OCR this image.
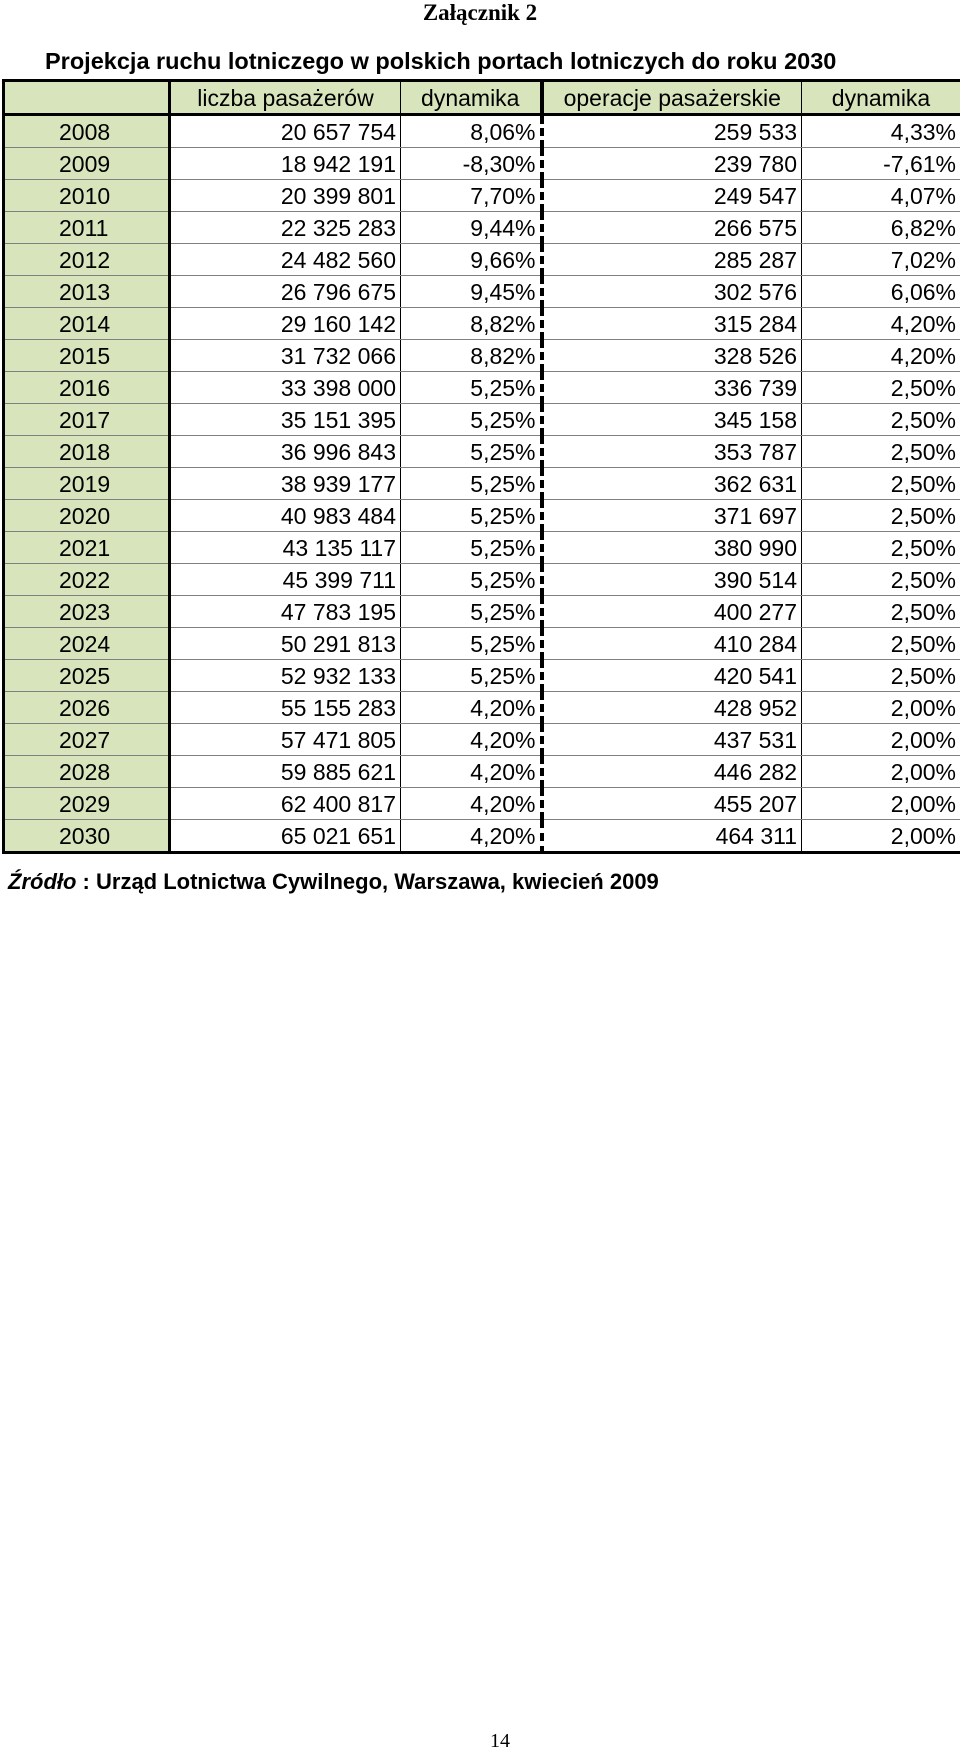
Załącznik 2
Projekcja ruchu lotniczego w polskich portach lotniczych do roku 2030
	liczba pasażerów	dynamika	operacje pasażerskie	dynamika
2008	20 657 754	8,06%	259 533	4,33%
2009	18 942 191	-8,30%	239 780	-7,61%
2010	20 399 801	7,70%	249 547	4,07%
2011	22 325 283	9,44%	266 575	6,82%
2012	24 482 560	9,66%	285 287	7,02%
2013	26 796 675	9,45%	302 576	6,06%
2014	29 160 142	8,82%	315 284	4,20%
2015	31 732 066	8,82%	328 526	4,20%
2016	33 398 000	5,25%	336 739	2,50%
2017	35 151 395	5,25%	345 158	2,50%
2018	36 996 843	5,25%	353 787	2,50%
2019	38 939 177	5,25%	362 631	2,50%
2020	40 983 484	5,25%	371 697	2,50%
2021	43 135 117	5,25%	380 990	2,50%
2022	45 399 711	5,25%	390 514	2,50%
2023	47 783 195	5,25%	400 277	2,50%
2024	50 291 813	5,25%	410 284	2,50%
2025	52 932 133	5,25%	420 541	2,50%
2026	55 155 283	4,20%	428 952	2,00%
2027	57 471 805	4,20%	437 531	2,00%
2028	59 885 621	4,20%	446 282	2,00%
2029	62 400 817	4,20%	455 207	2,00%
2030	65 021 651	4,20%	464 311	2,00%
Źródło : Urząd Lotnictwa Cywilnego, Warszawa, kwiecień 2009
14
